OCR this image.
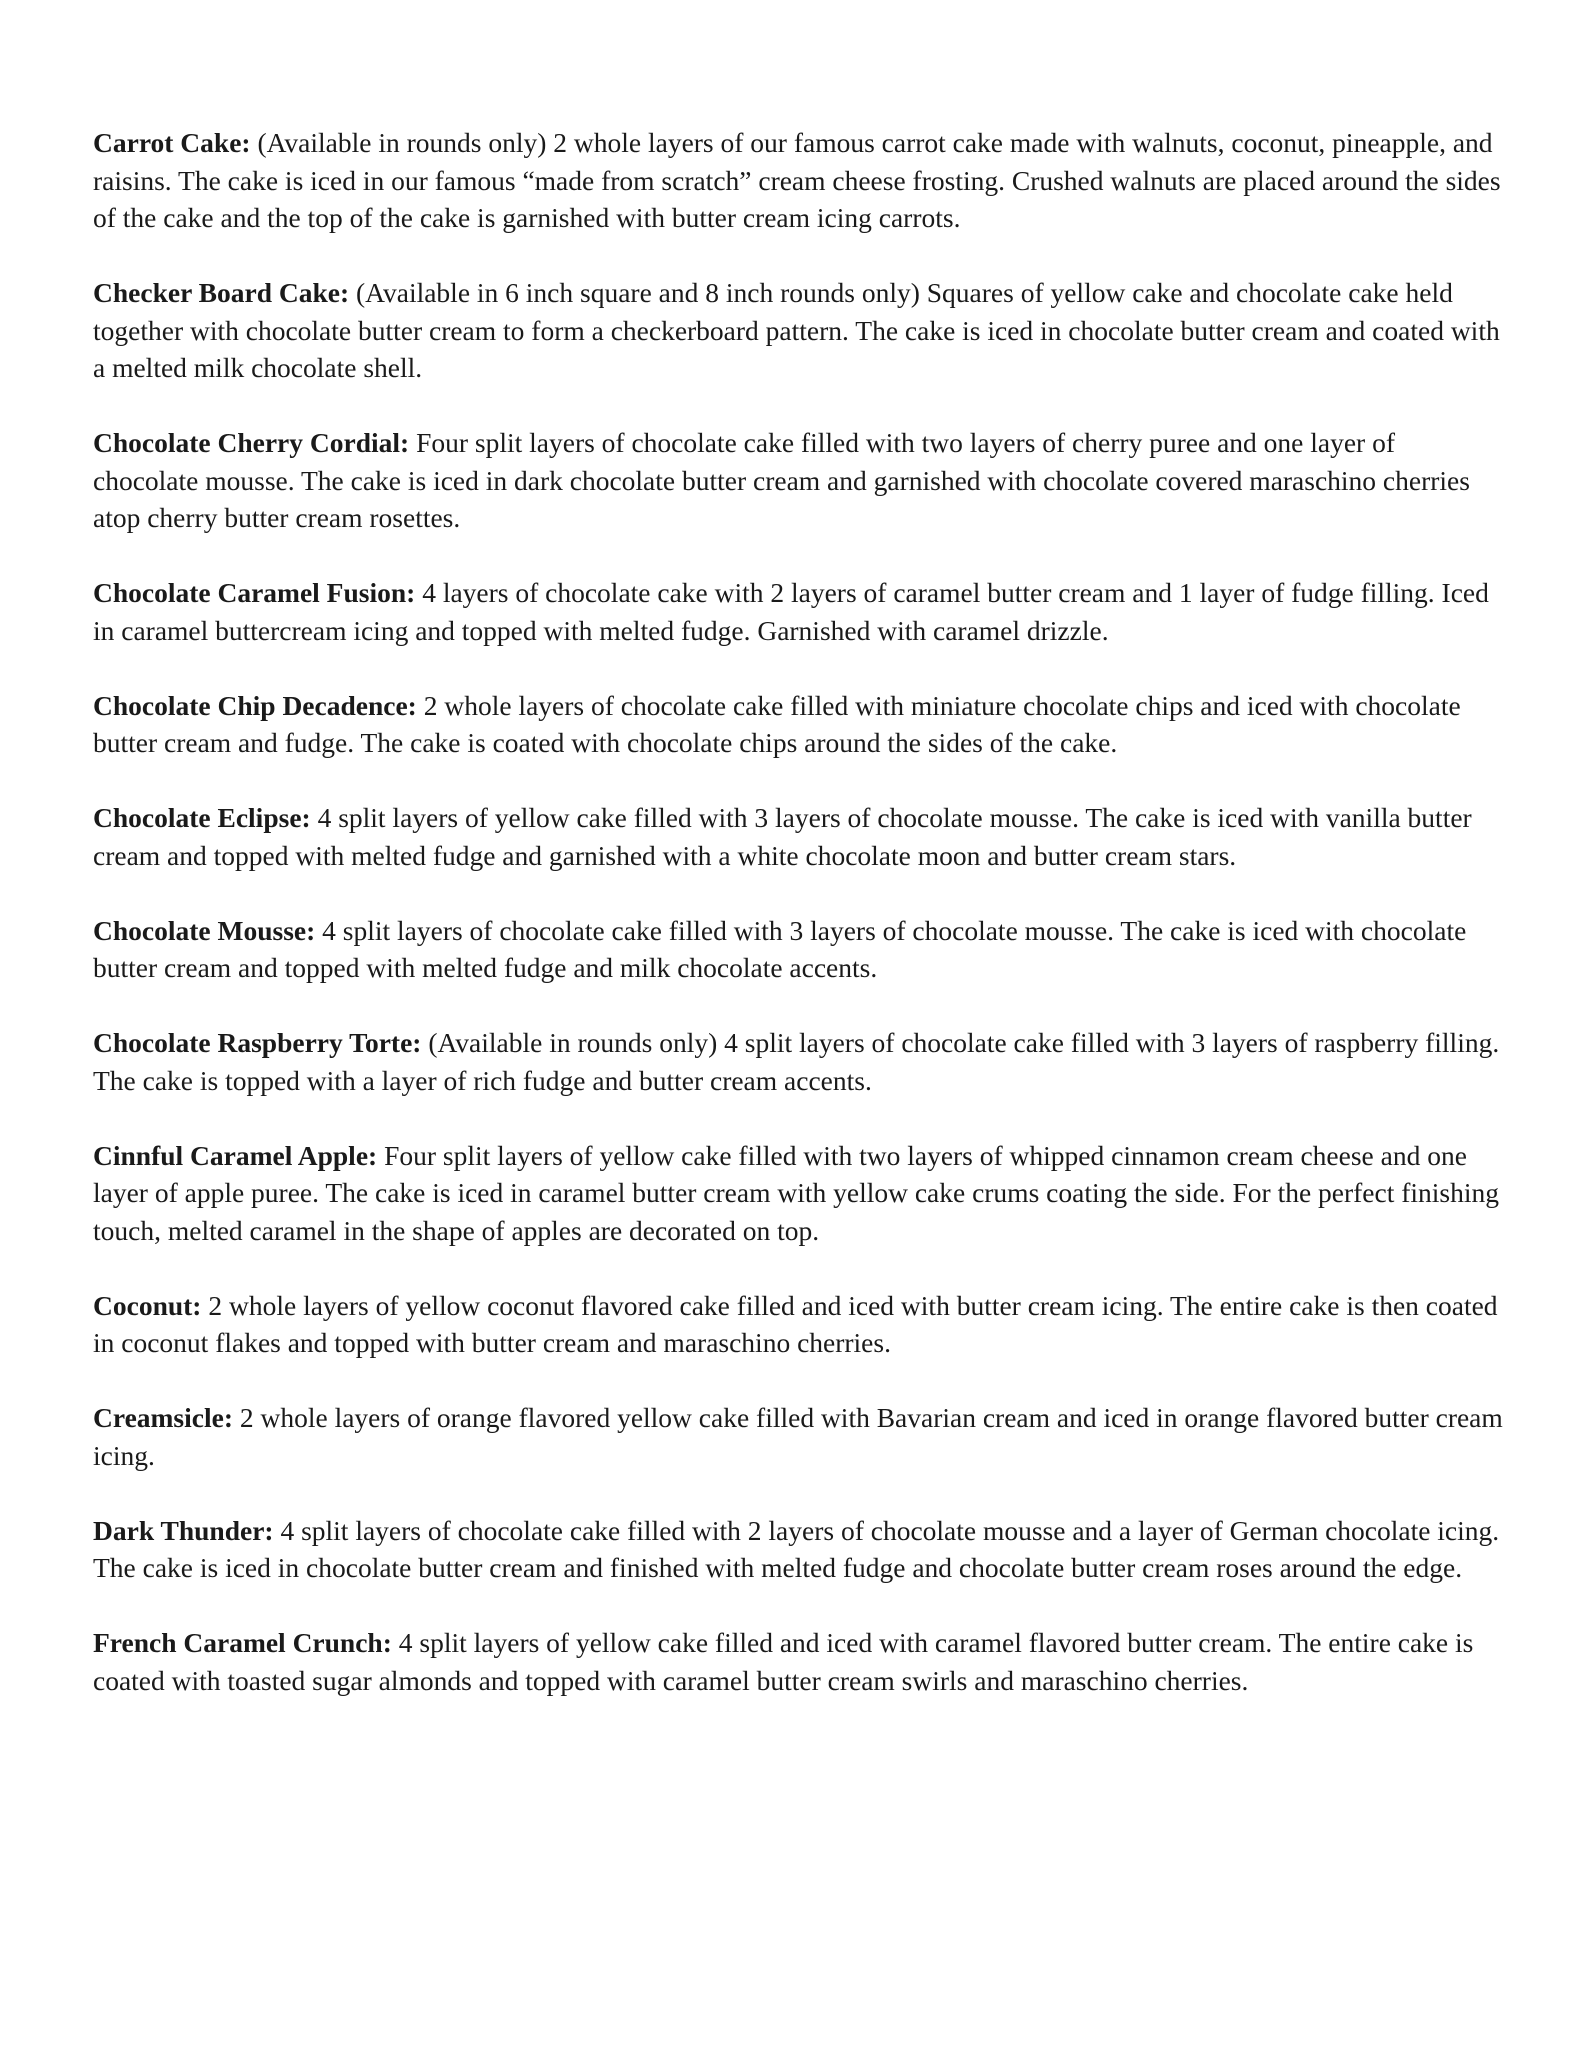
Carrot Cake: (Available in rounds only) 2 whole layers of our famous carrot cake made with walnuts, coconut, pineapple, and raisins. The cake is iced in our famous “made from scratch” cream cheese frosting. Crushed walnuts are placed around the sides of the cake and the top of the cake is garnished with butter cream icing carrots.

Checker Board Cake: (Available in 6 inch square and 8 inch rounds only) Squares of yellow cake and chocolate cake held together with chocolate butter cream to form a checkerboard pattern. The cake is iced in chocolate butter cream and coated with a melted milk chocolate shell.

Chocolate Cherry Cordial: Four split layers of chocolate cake filled with two layers of cherry puree and one layer of chocolate mousse. The cake is iced in dark chocolate butter cream and garnished with chocolate covered maraschino cherries atop cherry butter cream rosettes.

Chocolate Caramel Fusion: 4 layers of chocolate cake with 2 layers of caramel butter cream and 1 layer of fudge filling. Iced in caramel buttercream icing and topped with melted fudge. Garnished with caramel drizzle.

Chocolate Chip Decadence: 2 whole layers of chocolate cake filled with miniature chocolate chips and iced with chocolate butter cream and fudge. The cake is coated with chocolate chips around the sides of the cake.

Chocolate Eclipse: 4 split layers of yellow cake filled with 3 layers of chocolate mousse. The cake is iced with vanilla butter cream and topped with melted fudge and garnished with a white chocolate moon and butter cream stars.

Chocolate Mousse: 4 split layers of chocolate cake filled with 3 layers of chocolate mousse. The cake is iced with chocolate butter cream and topped with melted fudge and milk chocolate accents.

Chocolate Raspberry Torte: (Available in rounds only) 4 split layers of chocolate cake filled with 3 layers of raspberry filling. The cake is topped with a layer of rich fudge and butter cream accents.

Cinnful Caramel Apple: Four split layers of yellow cake filled with two layers of whipped cinnamon cream cheese and one layer of apple puree. The cake is iced in caramel butter cream with yellow cake crums coating the side. For the perfect finishing touch, melted caramel in the shape of apples are decorated on top.

Coconut: 2 whole layers of yellow coconut flavored cake filled and iced with butter cream icing. The entire cake is then coated in coconut flakes and topped with butter cream and maraschino cherries.

Creamsicle: 2 whole layers of orange flavored yellow cake filled with Bavarian cream and iced in orange flavored butter cream icing.

Dark Thunder: 4 split layers of chocolate cake filled with 2 layers of chocolate mousse and a layer of German chocolate icing. The cake is iced in chocolate butter cream and finished with melted fudge and chocolate butter cream roses around the edge.

French Caramel Crunch: 4 split layers of yellow cake filled and iced with caramel flavored butter cream. The entire cake is coated with toasted sugar almonds and topped with caramel butter cream swirls and maraschino cherries.
